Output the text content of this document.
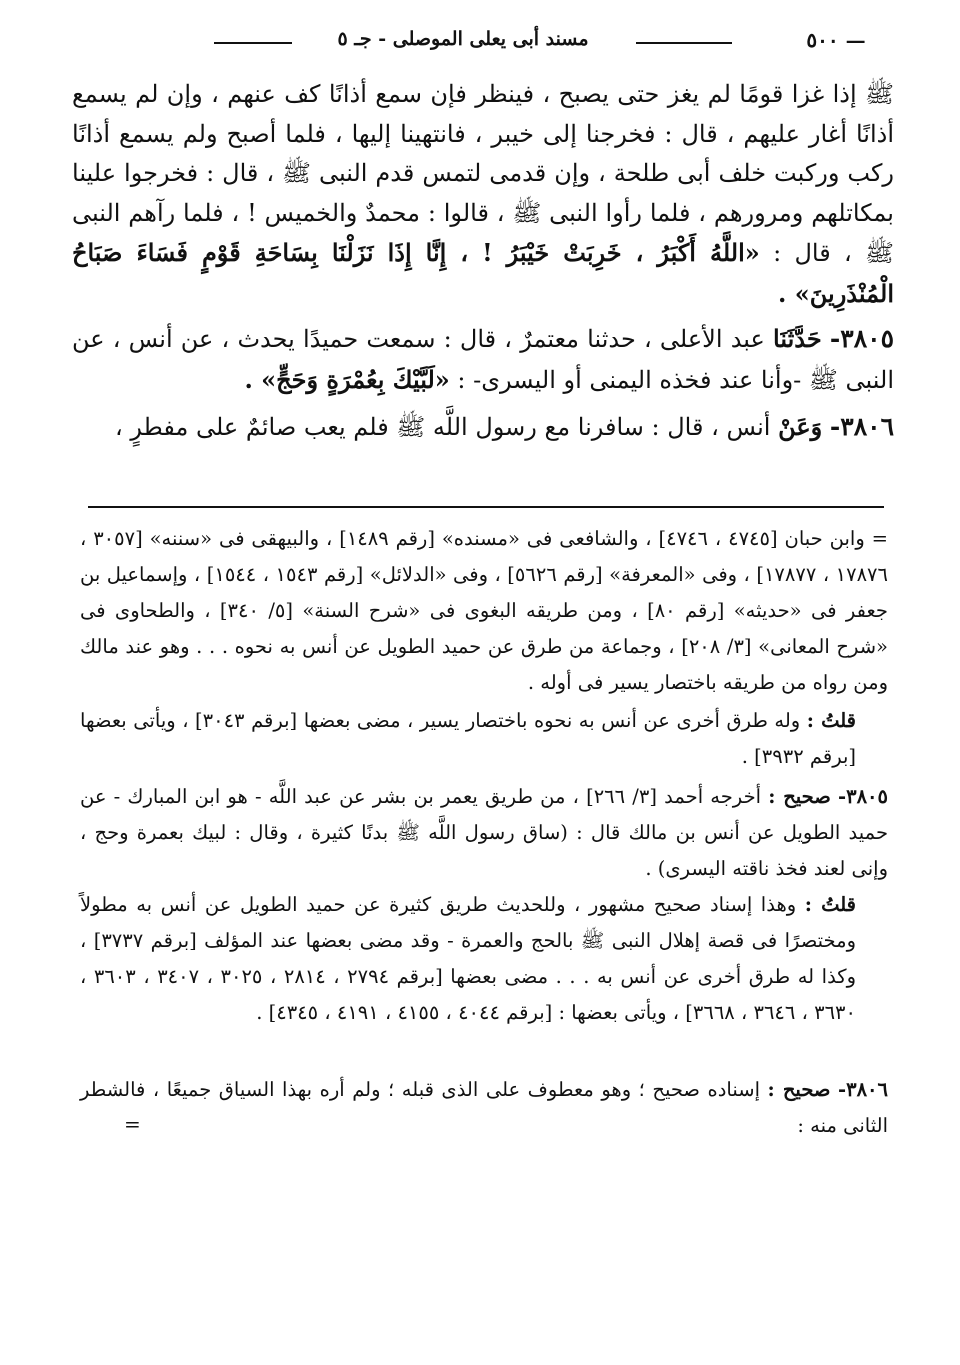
— ٥٠٠
مسند أبى يعلى الموصلى - جـ ٥

ﷺ إذا غزا قومًا لم يغز حتى يصبح ، فينظر فإن سمع أذانًا كف عنهم ، وإن لم يسمع أذانًا أغار عليهم ، قال : فخرجنا إلى خيبر ، فانتهينا إليها ، فلما أصبح ولم يسمع أذانًا ركب وركبت خلف أبى طلحة ، وإن قدمى لتمس قدم النبى ﷺ ، قال : فخرجوا علينا بمكاتلهم ومرورهم ، فلما رأوا النبى ﷺ ، قالوا : محمدٌ والخميس ! ، فلما رآهم النبى ﷺ ، قال : «اللَّهُ أَكْبَرُ ، خَرِبَتْ خَيْبَرُ ! ، إِنَّا إِذَا نَزَلْنَا بِسَاحَةِ قَوْمٍ فَسَاءَ صَبَاحُ الْمُنْذَرِينَ» .

٣٨٠٥- حَدَّثَنَا عبد الأعلى ، حدثنا معتمرٌ ، قال : سمعت حميدًا يحدث ، عن أنس ، عن النبى ﷺ -وأنا عند فخذه اليمنى أو اليسرى- : «لَبَّيْكَ بِعُمْرَةٍ وَحَجٍّ» .

٣٨٠٦- وَعَنْ أنس ، قال : سافرنا مع رسول اللَّه ﷺ فلم يعب صائمٌ على مفطرٍ ،

= وابن حبان [٤٧٤٥ ، ٤٧٤٦] ، والشافعى فى «مسنده» [رقم ١٤٨٩] ، والبيهقى فى «سننه» [٣٠٥٧ ، ١٧٨٧٦ ، ١٧٨٧٧] ، وفى «المعرفة» [رقم ٥٦٢٦] ، وفى «الدلائل» [رقم ١٥٤٣ ، ١٥٤٤] ، وإسماعيل بن جعفر فى «حديثه» [رقم ٨٠] ، ومن طريقه البغوى فى «شرح السنة» [٥/ ٣٤٠] ، والطحاوى فى «شرح المعانى» [٣/ ٢٠٨] ، وجماعة من طرق عن حميد الطويل عن أنس به نحوه . . . وهو عند مالك ومن رواه من طريقه باختصار يسير فى أوله .

قلتُ : وله طرق أخرى عن أنس به نحوه باختصار يسير ، مضى بعضها [برقم ٣٠٤٣] ، ويأتى بعضها [برقم ٣٩٣٢] .

٣٨٠٥- صحيح : أخرجه أحمد [٣/ ٢٦٦] ، من طريق يعمر بن بشر عن عبد اللَّه - هو ابن المبارك - عن حميد الطويل عن أنس بن مالك قال : (ساق رسول اللَّه ﷺ بدنًا كثيرة ، وقال : لبيك بعمرة وحج ، وإنى لعند فخذ ناقته اليسرى) .

قلتُ : وهذا إسناد صحيح مشهور ، وللحديث طريق كثيرة عن حميد الطويل عن أنس به مطولاً ومختصرًا فى قصة إهلال النبى ﷺ بالحج والعمرة - وقد مضى بعضها عند المؤلف [برقم ٣٧٣٧] ، وكذا له طرق أخرى عن أنس به . . . مضى بعضها [برقم ٢٧٩٤ ، ٢٨١٤ ، ٣٠٢٥ ، ٣٤٠٧ ، ٣٦٠٣ ، ٣٦٣٠ ، ٣٦٤٦ ، ٣٦٦٨] ، ويأتى بعضها : [برقم ٤٠٤٤ ، ٤١٥٥ ، ٤١٩١ ، ٤٣٤٥] .

٣٨٠٦- صحيح : إسناده صحيح ؛ وهو معطوف على الذى قبله ؛ ولم أره بهذا السياق جميعًا ، فالشطر الثانى منه :
=
